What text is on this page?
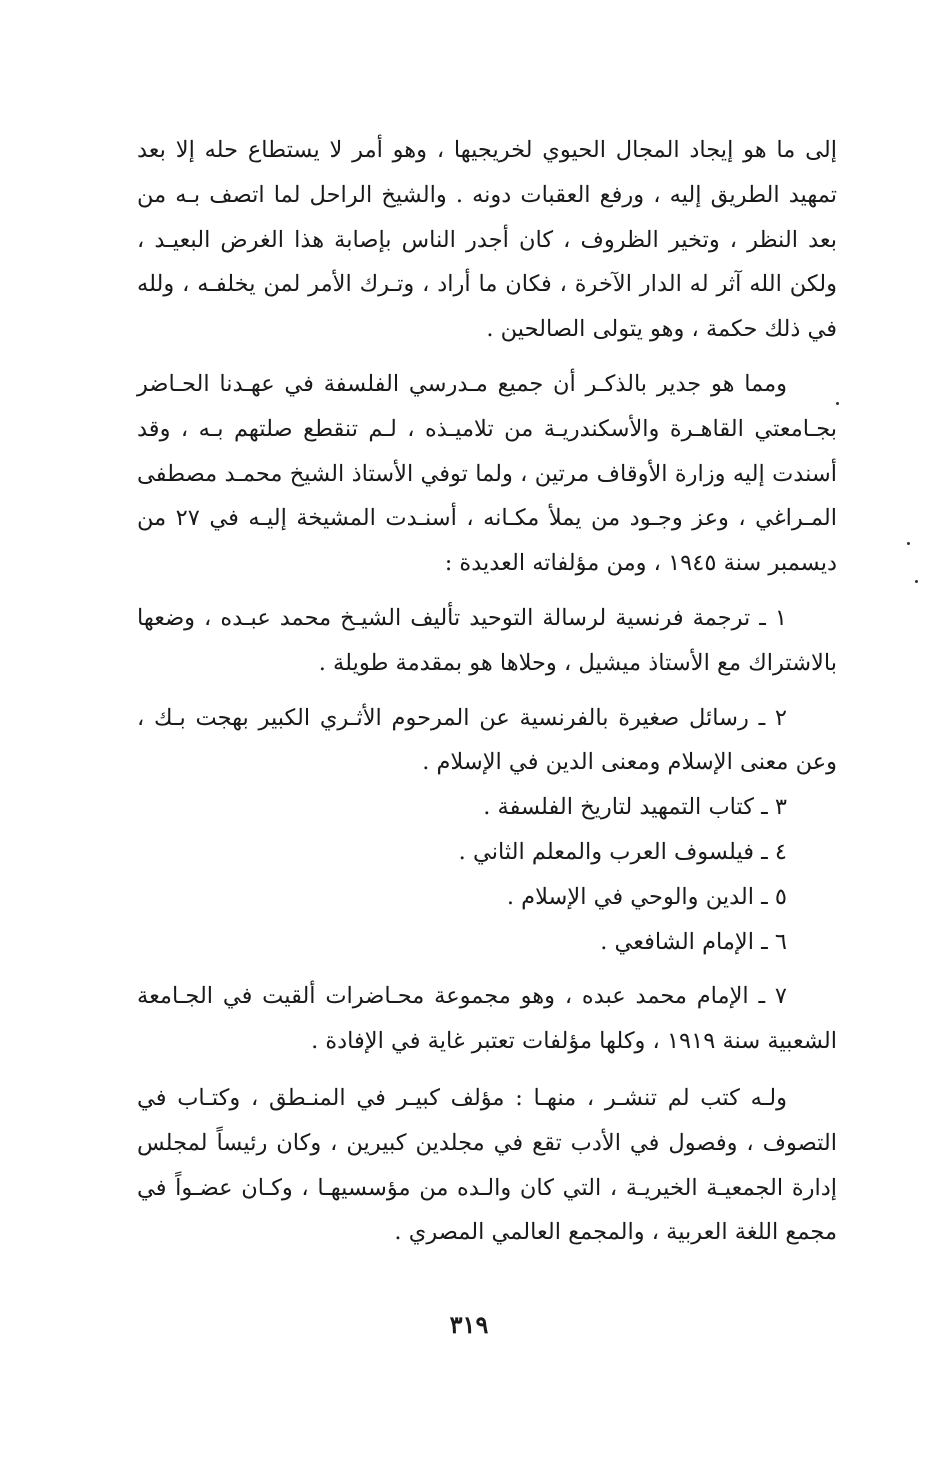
إلى ما هو إيجاد المجال الحيوي لخريجيها ، وهو أمر لا يستطاع حله إلا بعد تمهيد الطريق إليه ، ورفع العقبات دونه . والشيخ الراحل لما اتصف بـه من بعد النظر ، وتخير الظروف ، كان أجدر الناس بإصابة هذا الغرض البعيـد ، ولكن الله آثر له الدار الآخرة ، فكان ما أراد ، وتـرك الأمر لمن يخلفـه ، ولله في ذلك حكمة ، وهو يتولى الصالحين .

ومما هو جدير بالذكـر أن جميع مـدرسي الفلسفة في عهـدنا الحـاضر بجـامعتي القاهـرة والأسكندريـة من تلاميـذه ، لـم تنقطع صلتهم بـه ، وقد أسندت إليه وزارة الأوقاف مرتين ، ولما توفي الأستاذ الشيخ محمـد مصطفى المـراغي ، وعز وجـود من يملأ مكـانه ، أسنـدت المشيخة إليـه في ٢٧ من ديسمبر سنة ١٩٤٥ ، ومن مؤلفاته العديدة :

١ ـ ترجمة فرنسية لرسالة التوحيد تأليف الشيـخ محمد عبـده ، وضعها بالاشتراك مع الأستاذ ميشيل ، وحلاها هو بمقدمة طويلة .

٢ ـ رسائل صغيرة بالفرنسية عن المرحوم الأثـري الكبير بهجت بـك ، وعن معنى الإسلام ومعنى الدين في الإسلام .

٣ ـ كتاب التمهيد لتاريخ الفلسفة .

٤ ـ فيلسوف العرب والمعلم الثاني .

٥ ـ الدين والوحي في الإسلام .

٦ ـ الإمام الشافعي .

٧ ـ الإمام محمد عبده ، وهو مجموعة محـاضرات ألقيت في الجـامعة الشعبية سنة ١٩١٩ ، وكلها مؤلفات تعتبر غاية في الإفادة .

ولـه كتب لم تنشـر ، منهـا : مؤلف كبيـر في المنـطق ، وكتـاب في التصوف ، وفصول في الأدب تقع في مجلدين كبيرين ، وكان رئيساً لمجلس إدارة الجمعيـة الخيريـة ، التي كان والـده من مؤسسيهـا ، وكـان عضـواً في مجمع اللغة العربية ، والمجمع العالمي المصري .

٣١٩
